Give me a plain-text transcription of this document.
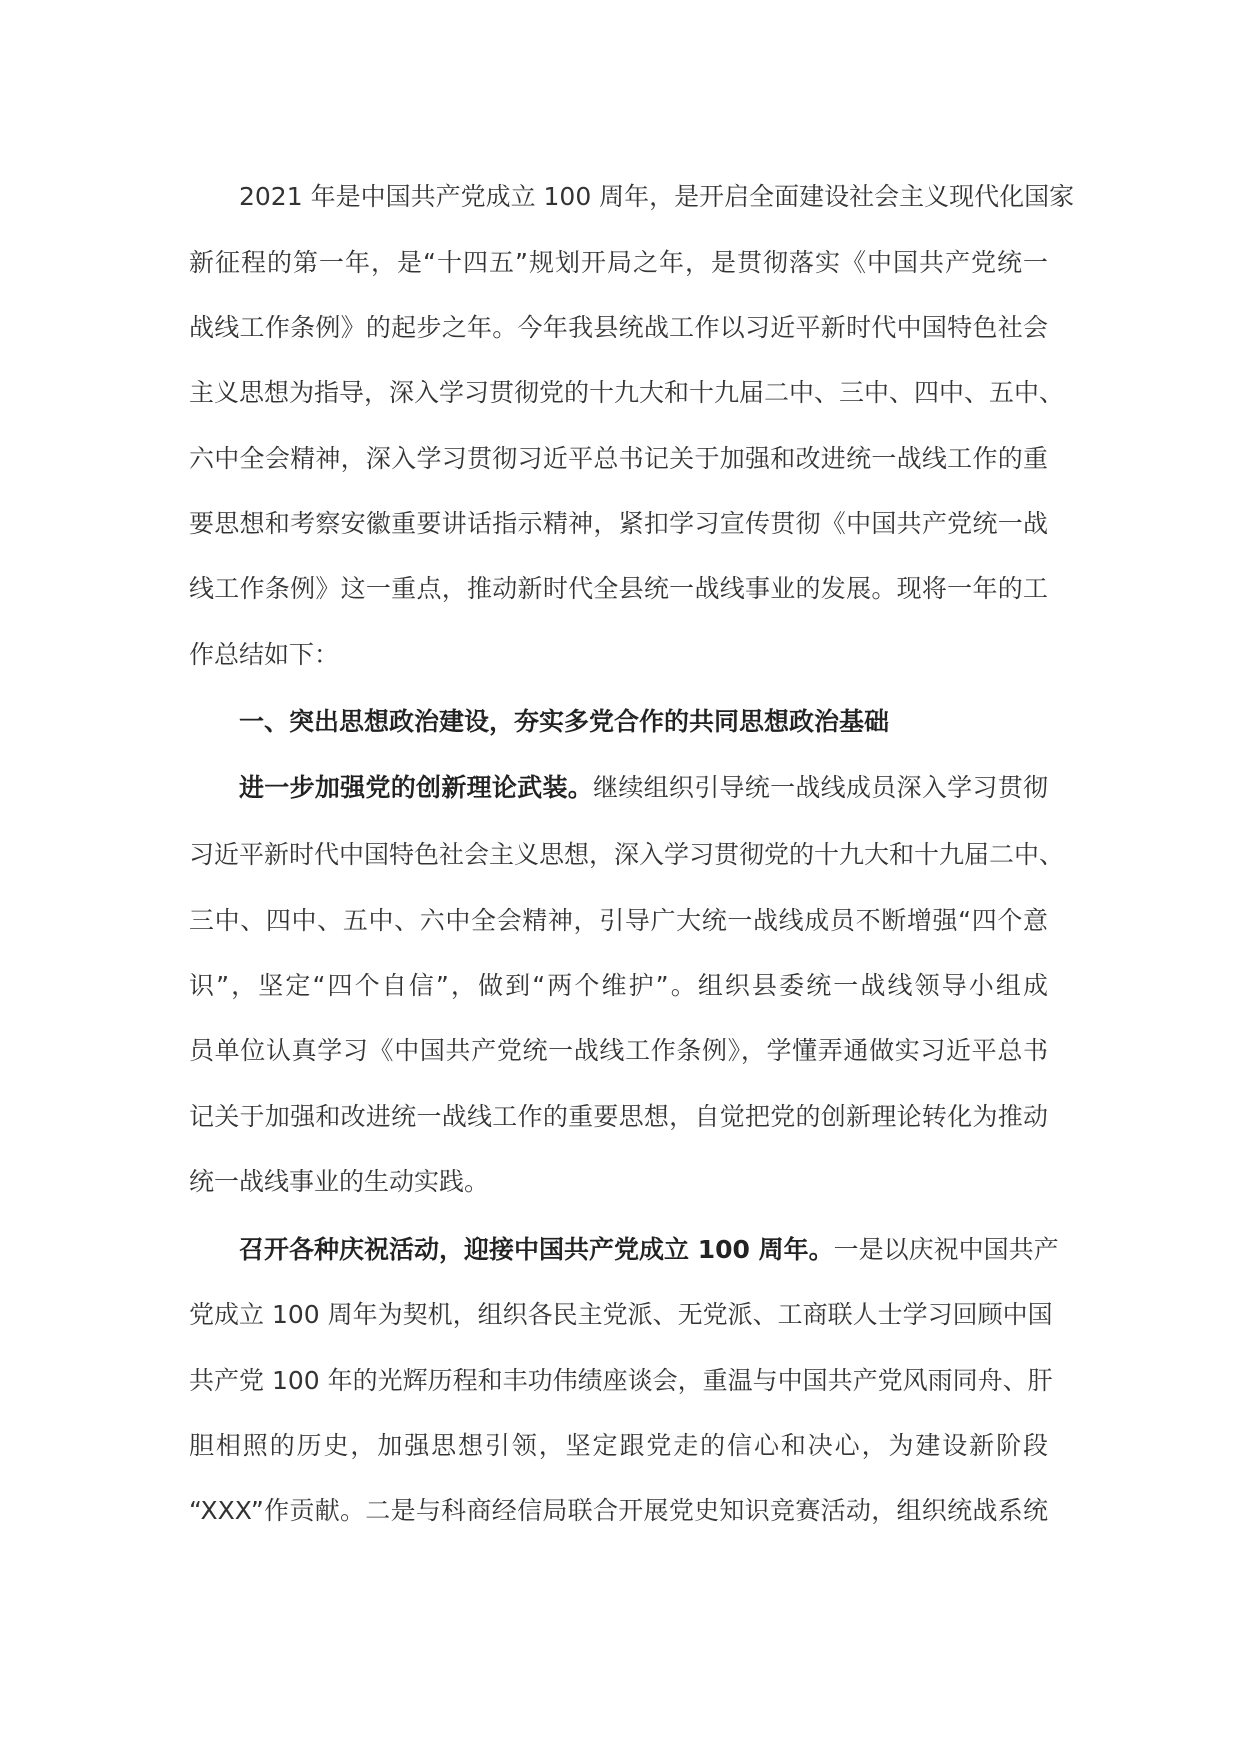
2021 年是中国共产党成立 100 周年，是开启全面建设社会主义现代化国家
新征程的第一年，是“十四五”规划开局之年，是贯彻落实《中国共产党统一
战线工作条例》的起步之年。今年我县统战工作以习近平新时代中国特色社会
主义思想为指导，深入学习贯彻党的十九大和十九届二中、三中、四中、五中、
六中全会精神，深入学习贯彻习近平总书记关于加强和改进统一战线工作的重
要思想和考察安徽重要讲话指示精神，紧扣学习宣传贯彻《中国共产党统一战
线工作条例》这一重点，推动新时代全县统一战线事业的发展。现将一年的工
作总结如下：
一、突出思想政治建设，夯实多党合作的共同思想政治基础
进一步加强党的创新理论武装。继续组织引导统一战线成员深入学习贯彻
习近平新时代中国特色社会主义思想，深入学习贯彻党的十九大和十九届二中、
三中、四中、五中、六中全会精神，引导广大统一战线成员不断增强“四个意
识”，坚定“四个自信”，做到“两个维护”。组织县委统一战线领导小组成
员单位认真学习《中国共产党统一战线工作条例》，学懂弄通做实习近平总书
记关于加强和改进统一战线工作的重要思想，自觉把党的创新理论转化为推动
统一战线事业的生动实践。
召开各种庆祝活动，迎接中国共产党成立 100 周年。一是以庆祝中国共产
党成立 100 周年为契机，组织各民主党派、无党派、工商联人士学习回顾中国
共产党 100 年的光辉历程和丰功伟绩座谈会，重温与中国共产党风雨同舟、肝
胆相照的历史，加强思想引领，坚定跟党走的信心和决心，为建设新阶段
“XXX”作贡献。二是与科商经信局联合开展党史知识竞赛活动，组织统战系统
